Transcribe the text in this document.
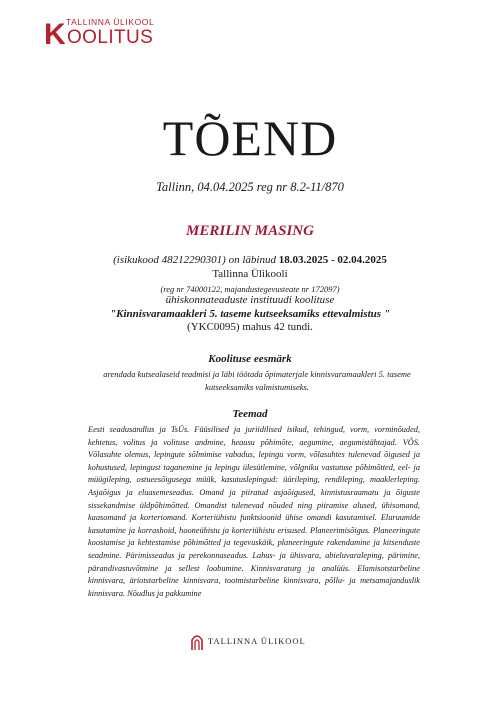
TALLINNA ÜLIKOOL
K OOLITUS
TÕEND
Tallinn, 04.04.2025 reg nr 8.2-11/870
MERILIN MASING
(isikukood 48212290301) on läbinud 18.03.2025 - 02.04.2025
Tallinna Ülikooli
(reg nr 74000122, majandustegevusteate nr 172097)
ühiskonnateaduste instituudi koolituse
"Kinnisvaramaakleri 5. taseme kutseeksamiks ettevalmistus "
(YKC0095) mahus 42 tundi.
Koolituse eesmärk
arendada kutsealaseid teadmisi ja läbi töötada õpimaterjale kinnisvaramaakleri 5. taseme kutseeksamiks valmistumiseks.
Teemad
Eesti seadusandlus ja TsÜs. Füüsilised ja juriidilised isikud, tehingud, vorm, vorminõuded, kehtetus, volitus ja volituse andmine, heausu põhimõte, aegumine, aegumistähtajad. VÕS. Võlasuhte olemus, lepingute sõlmimise vabadus, lepingu vorm, võlasuhtes tulenevad õigused ja kohustused, lepingust taganemine ja lepingu ülesütlemine, võlgniku vastutuse põhimõtted, eel- ja müügileping, ostueesõigusega müük, kasutuslepingud: üürileping, rendileping, maaklerleping. Asjaõigus ja eluasemeseadus. Omand ja piiratud asjaõigused, kinnistusraamatu ja õiguste sissekandmise üldpõhimõtted. Omandist tulenevad nõuded ning piiramise alused, ühisomand, kaasomand ja korteriomand. Korteriühistu funktsioonid ühise omandi kasutamisel. Eluruumide kasutamine ja korrashoid, hooneühistu ja korteriühistu erisused. Planeerimisõigus. Planeeringute koostamise ja kehtestamise põhimõtted ja tegevuskäik, planeeringute rakendamine ja kitsenduste seadmine. Pärimisseadus ja perekonnaseadus. Lahus- ja ühisvara, abieluvaraleping, pärimine, pärandivastuvõtmine ja sellest loobumine. Kinnisvaraturg ja analüüs. Elamisotstarbeline kinnisvara, äriotstarbeline kinnisvara, tootmistarbeline kinnisvara, põllu- ja metsamajanduslik kinnisvara. Nõudlus ja pakkumine
TALLINNA ÜLIKOOL
